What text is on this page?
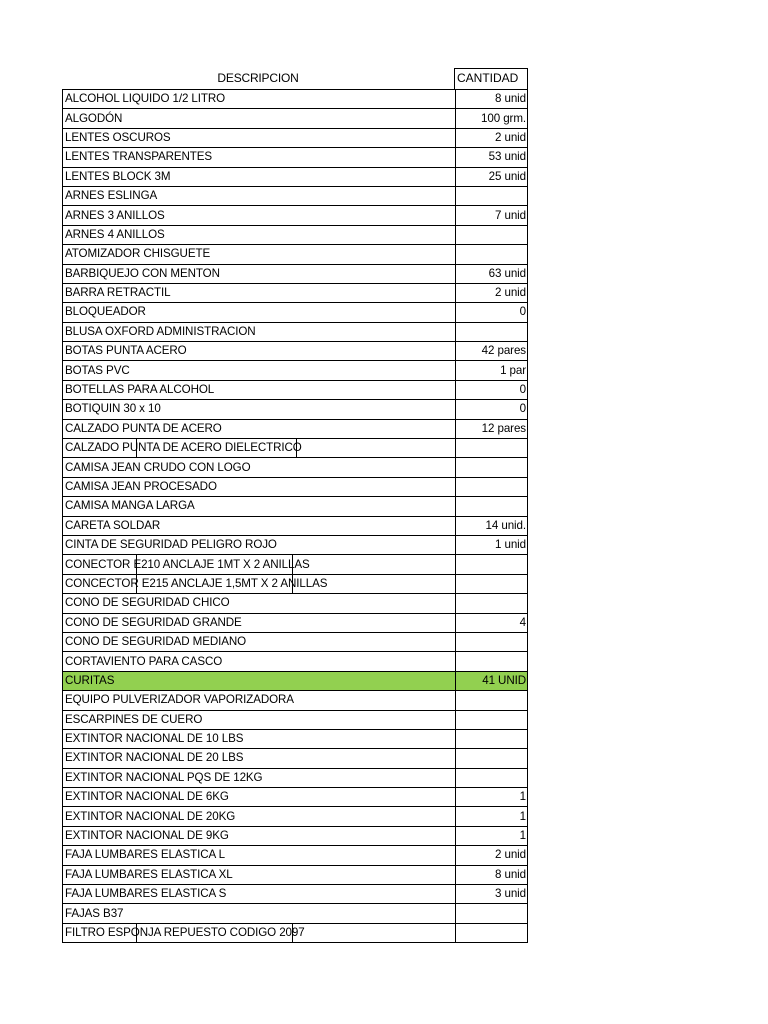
DESCRIPCION	CANTIDAD
ALCOHOL LIQUIDO 1/2 LITRO	8 unid
ALGODÓN	100 grm.
LENTES OSCUROS	2 unid
LENTES TRANSPARENTES	53 unid
LENTES BLOCK 3M	25 unid
ARNES ESLINGA	
ARNES 3 ANILLOS	7 unid
ARNES 4 ANILLOS	
ATOMIZADOR CHISGUETE	
BARBIQUEJO CON MENTON	63 unid
BARRA RETRACTIL	2 unid
BLOQUEADOR	0
BLUSA OXFORD ADMINISTRACION	
BOTAS PUNTA ACERO	42 pares
BOTAS PVC	1 par
BOTELLAS PARA ALCOHOL	0
BOTIQUIN 30 x 10	0
CALZADO PUNTA DE ACERO	12 pares
CALZADO PUNTA DE ACERO DIELECTRICO

CAMISA JEAN CRUDO CON LOGO	
CAMISA JEAN PROCESADO	
CAMISA MANGA LARGA	
CARETA SOLDAR	14 unid.
CINTA DE SEGURIDAD PELIGRO ROJO	1 unid
CONECTOR E210 ANCLAJE 1MT X 2 ANILLAS

CONCECTOR E215 ANCLAJE 1,5MT X 2 ANILLAS

CONO DE SEGURIDAD CHICO	
CONO DE SEGURIDAD GRANDE	4
CONO DE SEGURIDAD MEDIANO	
CORTAVIENTO PARA CASCO	
CURITAS	41 UNID
EQUIPO PULVERIZADOR VAPORIZADORA	
ESCARPINES DE CUERO	
EXTINTOR NACIONAL DE 10 LBS	
EXTINTOR NACIONAL DE 20 LBS	
EXTINTOR NACIONAL PQS DE 12KG	
EXTINTOR NACIONAL DE 6KG	1
EXTINTOR NACIONAL DE 20KG	1
EXTINTOR NACIONAL DE 9KG	1
FAJA LUMBARES ELASTICA L	2 unid
FAJA LUMBARES ELASTICA XL	8 unid
FAJA LUMBARES ELASTICA S	3 unid
FAJAS B37	
FILTRO ESPONJA REPUESTO CODIGO 2097
